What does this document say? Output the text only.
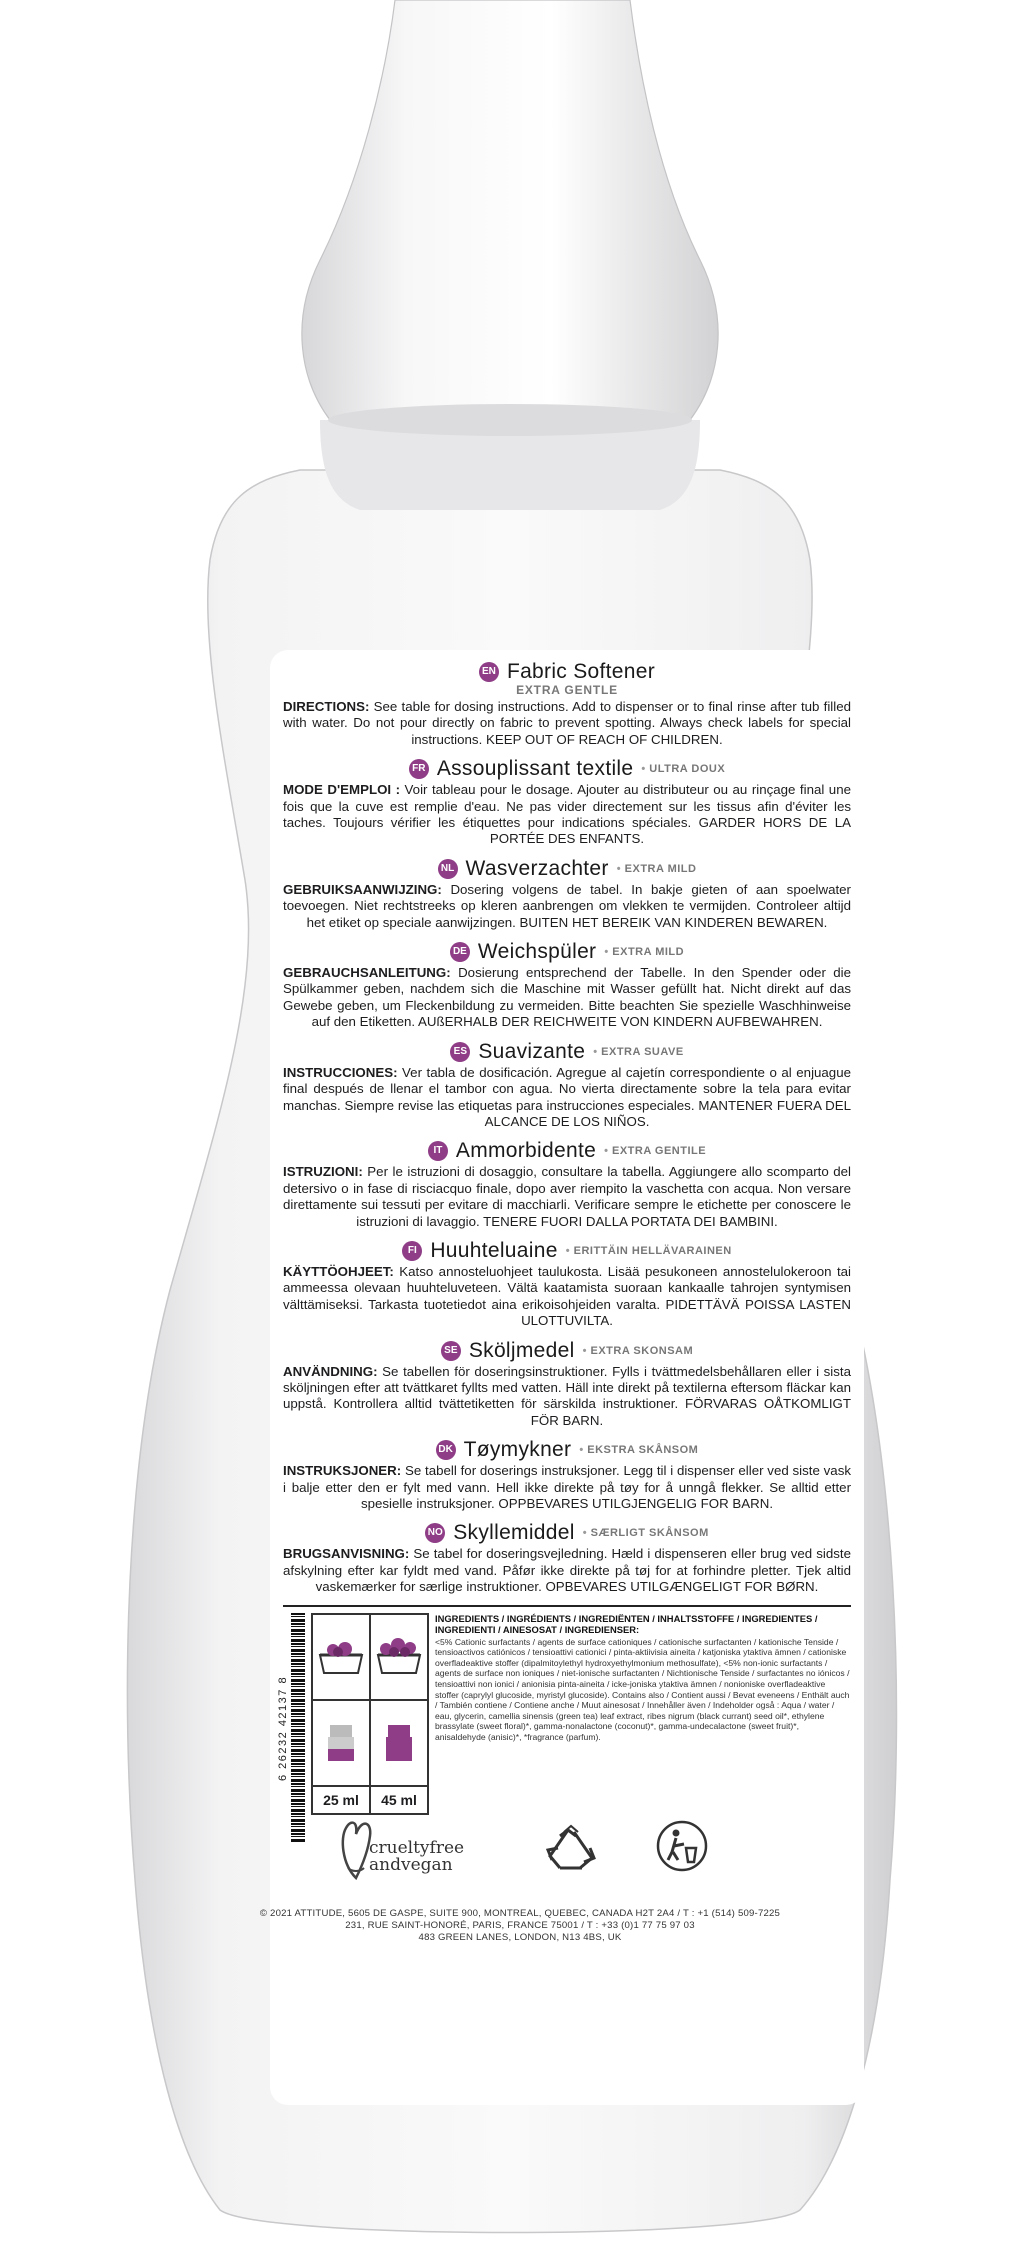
EN Fabric Softener
EXTRA GENTLE
DIRECTIONS: See table for dosing instructions. Add to dispenser or to final rinse after tub filled with water. Do not pour directly on fabric to prevent spotting. Always check labels for special instructions. KEEP OUT OF REACH OF CHILDREN.
FR Assouplissant textile	• ULTRA DOUX
MODE D'EMPLOI : Voir tableau pour le dosage. Ajouter au distributeur ou au rinçage final une fois que la cuve est remplie d'eau. Ne pas vider directement sur les tissus afin d'éviter les taches. Toujours vérifier les étiquettes pour indications spéciales. GARDER HORS DE LA PORTÉE DES ENFANTS.
NL Wasverzachter	• EXTRA MILD
GEBRUIKSAANWIJZING: Dosering volgens de tabel. In bakje gieten of aan spoelwater toevoegen. Niet rechtstreeks op kleren aanbrengen om vlekken te vermijden. Controleer altijd het etiket op speciale aanwijzingen. BUITEN HET BEREIK VAN KINDEREN BEWAREN.
DE Weichspüler	• EXTRA MILD
GEBRAUCHSANLEITUNG: Dosierung entsprechend der Tabelle. In den Spender oder die Spülkammer geben, nachdem sich die Maschine mit Wasser gefüllt hat. Nicht direkt auf das Gewebe geben, um Fleckenbildung zu vermeiden. Bitte beachten Sie spezielle Waschhinweise auf den Etiketten. AUßERHALB DER REICHWEITE VON KINDERN AUFBEWAHREN.
ES Suavizante	• EXTRA SUAVE
INSTRUCCIONES: Ver tabla de dosificación. Agregue al cajetín correspondiente o al enjuague final después de llenar el tambor con agua. No vierta directamente sobre la tela para evitar manchas. Siempre revise las etiquetas para instrucciones especiales. MANTENER FUERA DEL ALCANCE DE LOS NIÑOS.
IT Ammorbidente	• EXTRA GENTILE
ISTRUZIONI: Per le istruzioni di dosaggio, consultare la tabella. Aggiungere allo scomparto del detersivo o in fase di risciacquo finale, dopo aver riempito la vaschetta con acqua. Non versare direttamente sui tessuti per evitare di macchiarli. Verificare sempre le etichette per conoscere le istruzioni di lavaggio. TENERE FUORI DALLA PORTATA DEI BAMBINI.
FI Huuhteluaine	• ERITTÄIN HELLÄVARAINEN
KÄYTTÖOHJEET: Katso annosteluohjeet taulukosta. Lisää pesukoneen annostelulokeroon tai ammeessa olevaan huuhteluveteen. Vältä kaatamista suoraan kankaalle tahrojen syntymisen välttämiseksi. Tarkasta tuotetiedot aina erikoisohjeiden varalta. PIDETTÄVÄ POISSA LASTEN ULOTTUVILTA.
SE Sköljmedel	• EXTRA SKONSAM
ANVÄNDNING: Se tabellen för doseringsinstruktioner. Fylls i tvättmedelsbehållaren eller i sista sköljningen efter att tvättkaret fyllts med vatten. Häll inte direkt på textilerna eftersom fläckar kan uppstå. Kontrollera alltid tvättetiketten för särskilda instruktioner. FÖRVARAS OÅTKOMLIGT FÖR BARN.
DK Tøymykner	• EKSTRA SKÅNSOM
INSTRUKSJONER: Se tabell for doserings instruksjoner. Legg til i dispenser eller ved siste vask i balje etter den er fylt med vann. Hell ikke direkte på tøy for å unngå flekker. Se alltid etter spesielle instruksjoner. OPPBEVARES UTILGJENGELIG FOR BARN.
NO Skyllemiddel	• SÆRLIGT SKÅNSOM
BRUGSANVISNING: Se tabel for doseringsvejledning. Hæld i dispenseren eller brug ved sidste afskylning efter kar fyldt med vand. Påfør ikke direkte på tøj for at forhindre pletter. Tjek altid vaskemærker for særlige instruktioner. OPBEVARES UTILGÆNGELIGT FOR BØRN.
6 26232 42137 8
25 ml 45 ml
INGREDIENTS / INGRÉDIENTS / INGREDIËNTEN / INHALTSSTOFFE / INGREDIENTES / INGREDIENTI / AINESOSAT / INGREDIENSER:
<5% Cationic surfactants / agents de surface cationiques / cationische surfactanten / kationische Tenside / tensioactivos catiónicos / tensioattivi cationici / pinta-aktiivisia aineita / katjoniska ytaktiva ämnen / cationiske overfladeaktive stoffer (dipalmitoylethyl hydroxyethylmonium methosulfate), <5% non-ionic surfactants / agents de surface non ioniques / niet-ionische surfactanten / Nichtionische Tenside / surfactantes no iónicos / tensioattivi non ionici / anionisia pinta-aineita / icke-joniska ytaktiva ämnen / nonioniske overfladeaktive stoffer (caprylyl glucoside, myristyl glucoside). Contains also / Contient aussi / Bevat eveneens / Enthält auch / También contiene / Contiene anche / Muut ainesosat / Innehåller även / Indeholder også : Aqua / water / eau, glycerin, camellia sinensis (green tea) leaf extract, ribes nigrum (black currant) seed oil*, ethylene brassylate (sweet floral)*, gamma-nonalactone (coconut)*, gamma-undecalactone (sweet fruit)*, anisaldehyde (anisic)*, *fragrance (parfum).
crueltyfree
andvegan
© 2021 ATTITUDE, 5605 DE GASPE, SUITE 900, MONTREAL, QUEBEC, CANADA H2T 2A4 / T : +1 (514) 509-7225
231, RUE SAINT-HONORÉ, PARIS, FRANCE 75001 / T : +33 (0)1 77 75 97 03
483 GREEN LANES, LONDON, N13 4BS, UK
